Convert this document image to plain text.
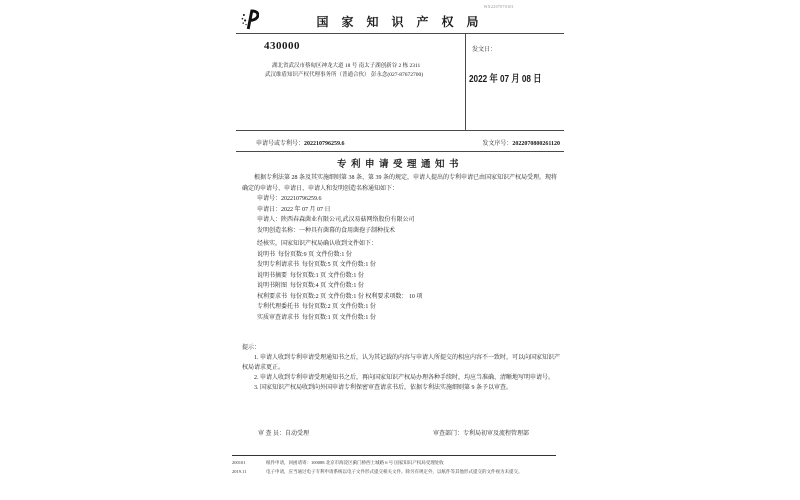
国 家 知 识 产 权 局
WX2207070101
430000
湖北省武汉市蔡甸区神龙大道 18 号 南太子湖创新谷 2 栋 2311
武汉维盾知识产权代理事务所（普通合伙） 彭永念(027-87672700)
发文日：
2022 年 07 月 08 日
申请号或专利号：202210796259.6	发文序号：2022070800261120
专利申请受理通知书

根据专利法第 28 条及其实施细则第 38 条、第 39 条的规定，申请人提出的专利申请已由国家知识产权局受理。现将确定的申请号、申请日、申请人和发明创造名称通知如下：

申请号：202210796259.6
申请日：2022 年 07 月 07 日
申请人：陕西春森菌业有限公司,武汉易菇网络股份有限公司
发明创造名称：一种具有菌幕的食用菌孢子制种技术
经核实，国家知识产权局确认收到文件如下：
说明书 每份页数:9 页 文件份数:1 份
发明专利请求书 每份页数:5 页 文件份数:1 份
说明书摘要 每份页数:1 页 文件份数:1 份
说明书附图 每份页数:4 页 文件份数:1 份
权利要求书 每份页数:2 页 文件份数:1 份 权利要求项数： 10 项
专利代理委托书 每份页数:2 页 文件份数:1 份
实质审查请求书 每份页数:1 页 文件份数:1 份

提示：

1. 申请人收到专利申请受理通知书之后，认为其记载的内容与申请人所提交的相应内容不一致时，可以向国家知识产权局请求更正。

2. 申请人收到专利申请受理通知书之后，再向国家知识产权局办理各种手续时，均应当准确、清晰地写明申请号。

3. 国家知识产权局收到向外国申请专利保密审查请求书后，依据专利法实施细则第 9 条予以审查。

审 查 员：自动受理	审查部门：专利局初审及流程管理部
200101	纸件申请，回函请寄：100088 北京市海淀区蓟门桥西土城路 6 号 国家知识产权局受理处收
2019.11	电子申请，应当通过电子专利申请系统以电子文件形式提交相关文件。除另有规定外，以纸件等其他形式提交的文件视为未提交。
